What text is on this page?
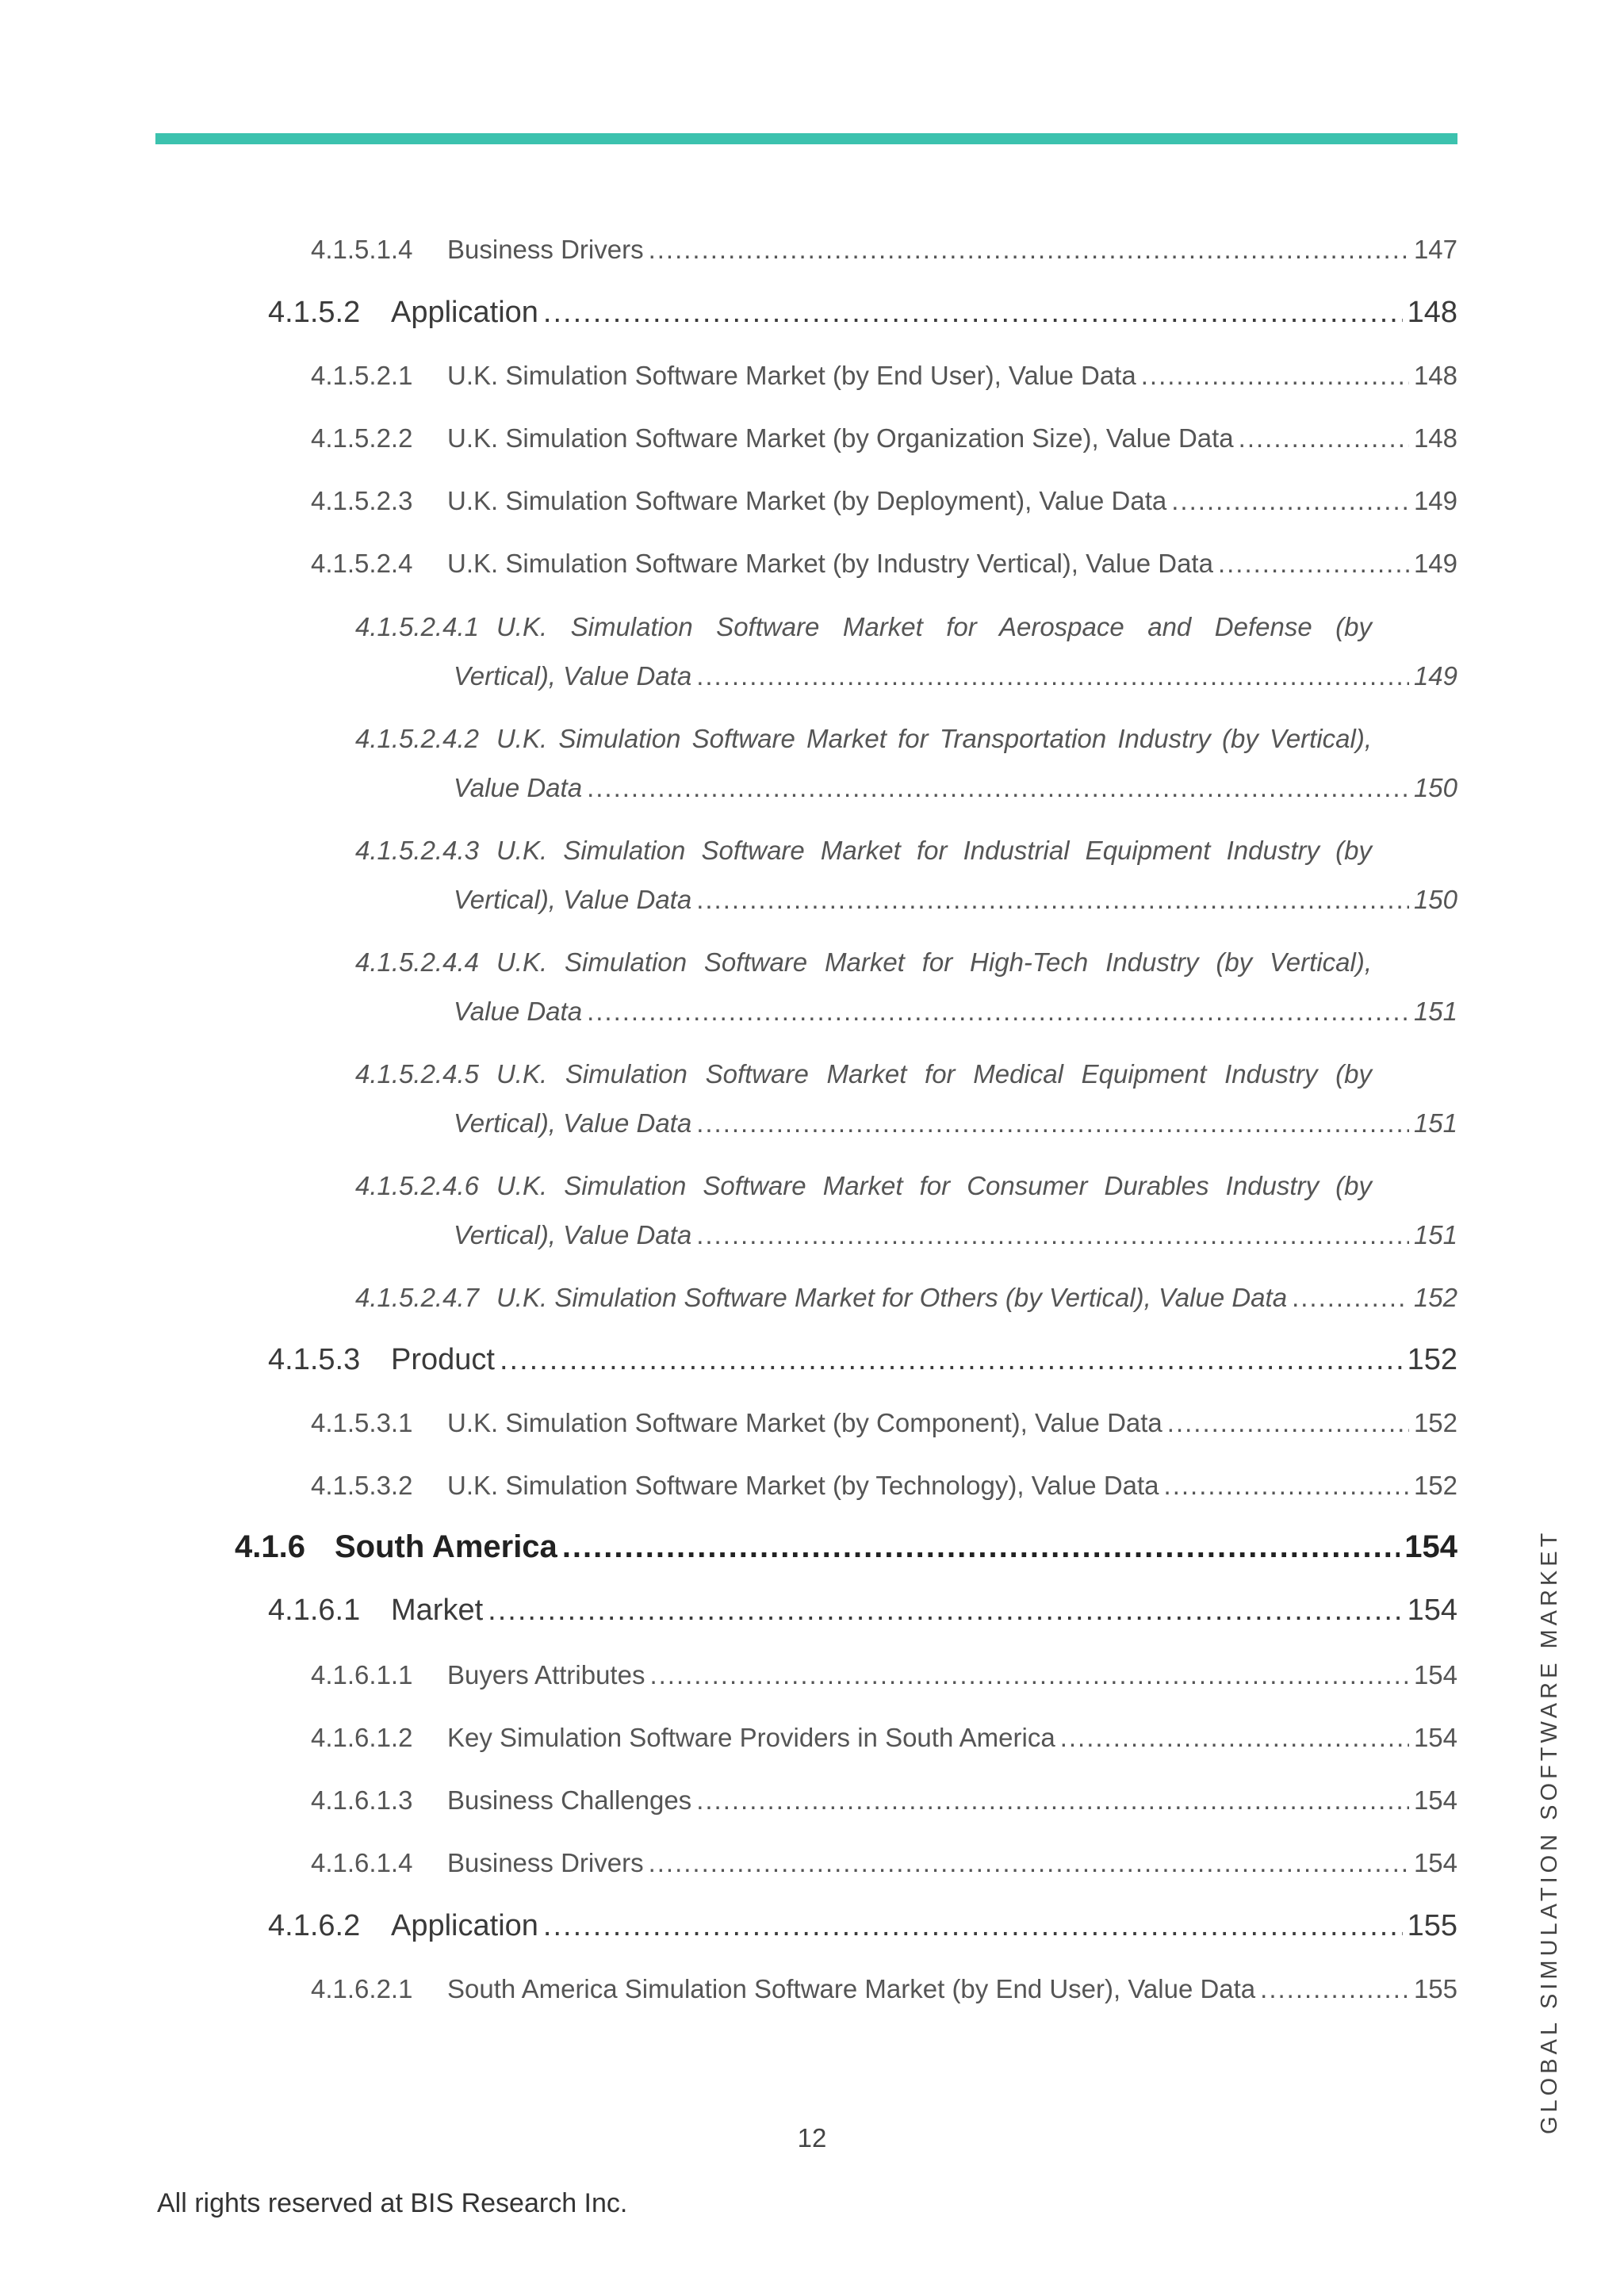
4.1.5.1.4	Business Drivers .....	147
4.1.5.2	Application .....	148
4.1.5.2.1	U.K. Simulation Software Market (by End User), Value Data .....	148
4.1.5.2.2	U.K. Simulation Software Market (by Organization Size), Value Data .....	148
4.1.5.2.3	U.K. Simulation Software Market (by Deployment), Value Data .....	149
4.1.5.2.4	U.K. Simulation Software Market (by Industry Vertical), Value Data .....	149
4.1.5.2.4.1 U.K. Simulation Software Market for Aerospace and Defense (by
Vertical), Value Data .....	149
4.1.5.2.4.2 U.K. Simulation Software Market for Transportation Industry (by Vertical),
Value Data .....	150
4.1.5.2.4.3 U.K. Simulation Software Market for Industrial Equipment Industry (by
Vertical), Value Data .....	150
4.1.5.2.4.4 U.K. Simulation Software Market for High-Tech Industry (by Vertical),
Value Data .....	151
4.1.5.2.4.5 U.K. Simulation Software Market for Medical Equipment Industry (by
Vertical), Value Data .....	151
4.1.5.2.4.6 U.K. Simulation Software Market for Consumer Durables Industry (by
Vertical), Value Data .....	151
4.1.5.2.4.7 U.K. Simulation Software Market for Others (by Vertical), Value Data .....	152
4.1.5.3	Product .....	152
4.1.5.3.1	U.K. Simulation Software Market (by Component), Value Data .....	152
4.1.5.3.2	U.K. Simulation Software Market (by Technology), Value Data .....	152
4.1.6 South America .....	154
4.1.6.1	Market .....	154
4.1.6.1.1	Buyers Attributes .....	154
4.1.6.1.2	Key Simulation Software Providers in South America .....	154
4.1.6.1.3	Business Challenges .....	154
4.1.6.1.4	Business Drivers .....	154
4.1.6.2	Application .....	155
4.1.6.2.1	South America Simulation Software Market (by End User), Value Data .....	155	GLOBAL SIMULATION SOFTWARE MARKET
12
All rights reserved at BIS Research Inc.
